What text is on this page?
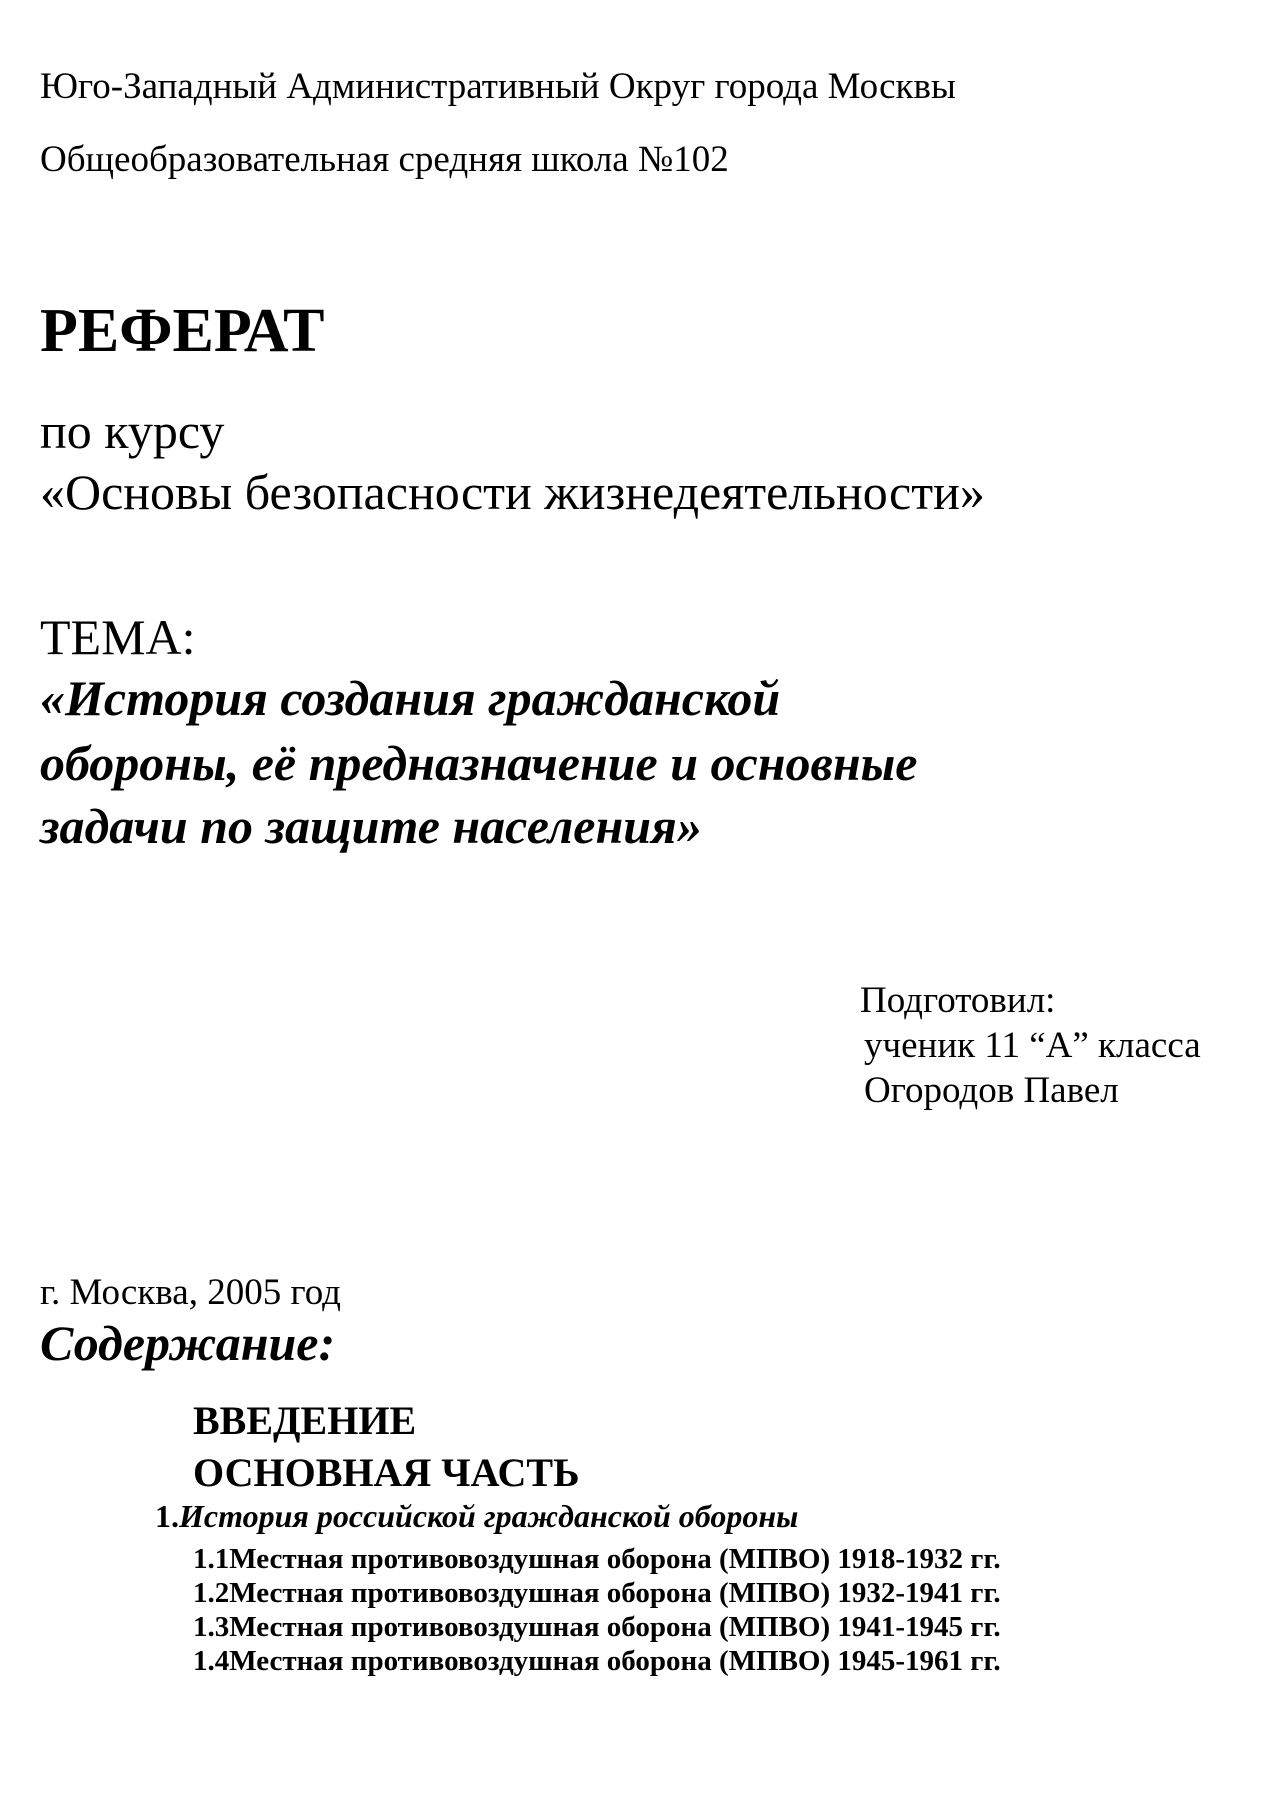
Юго-Западный Административный Округ города Москвы
Общеобразовательная средняя школа №102
РЕФЕРАТ
по курсу
«Основы безопасности жизнедеятельности»
ТЕМА:
«История создания гражданской
обороны, её предназначение и основные
задачи по защите населения»
Подготовил:
ученик 11 “А” класса
Огородов Павел
г. Москва, 2005 год
Содержание:
ВВЕДЕНИЕ
ОСНОВНАЯ ЧАСТЬ
1.История российской гражданской обороны
1.1Местная противовоздушная оборона (МПВО) 1918-1932 гг.
1.2Местная противовоздушная оборона (МПВО) 1932-1941 гг.
1.3Местная противовоздушная оборона (МПВО) 1941-1945 гг.
1.4Местная противовоздушная оборона (МПВО) 1945-1961 гг.
